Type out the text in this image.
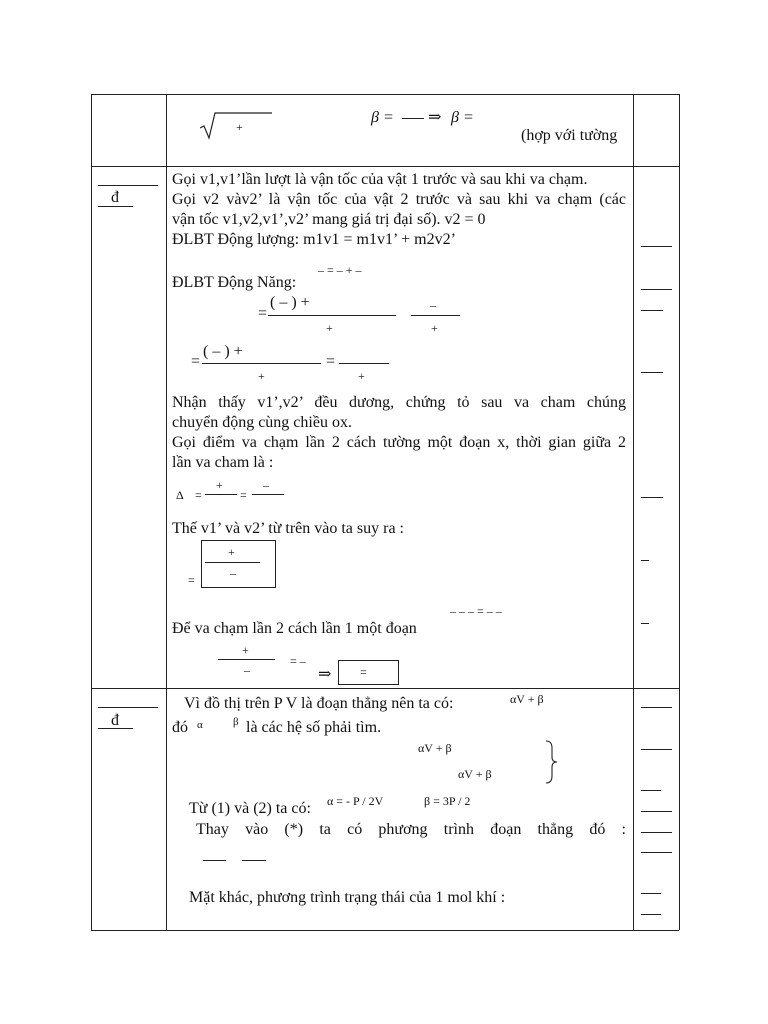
+
β = ⇒ β =
(hợp với tường
đ
Gọi v1,v1’lần lượt là vận tốc của vật 1 trước và sau khi va chạm.
Gọi v2 vàv2’ là vận tốc của vật 2 trước và sau khi va chạm (các
vận tốc v1,v2,v1’,v2’ mang giá trị đại số). v2 = 0
ĐLBT Động lượng: m1v1 = m1v1’ + m2v2’
– = – + –
ĐLBT Động Năng:
=
( – ) +
+
–
+
=
( – ) +
+
=
+
Nhận thấy v1’,v2’ đều dương, chứng tỏ sau va cham chúng
chuyển động cùng chiều ox.
Gọi điểm va chạm lần 2 cách tường một đoạn x, thời gian giữa 2
lần va cham là :
Δ =
+
=
–
Thế v1’ và v2’ từ trên vào ta suy ra :
+
–
=
– – – = – –
Để va chạm lần 2 cách lần 1 một đoạn
+
–
= –
⇒ =
đ
Vì đồ thị trên P V là đoạn thẳng nên ta có:	αV + β
đó α	β là các hệ số phải tìm.
αV + β
αV + β
Từ (1) và (2) ta có: α = - P / 2V	β = 3P / 2
Thay vào (*) ta có phương trình đoạn thẳng đó :
Mặt khác, phương trình trạng thái của 1 mol khí :
